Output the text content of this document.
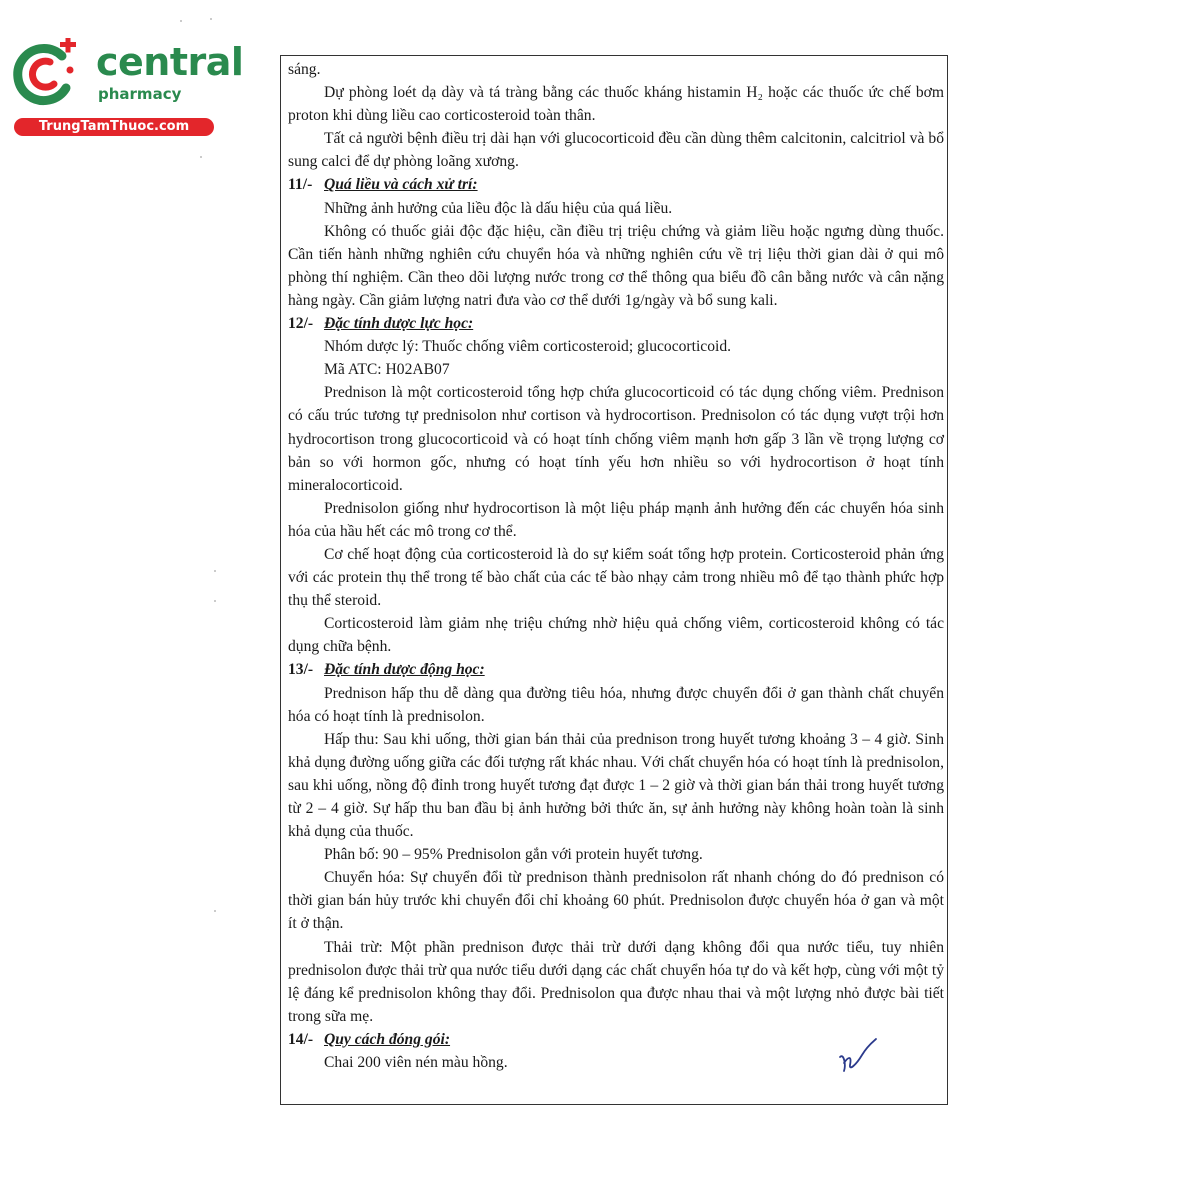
central
pharmacy
TrungTamThuoc.com

sáng.

Dự phòng loét dạ dày và tá tràng bằng các thuốc kháng histamin H₂ hoặc các thuốc ức chế bơm proton khi dùng liều cao corticosteroid toàn thân.

Tất cả người bệnh điều trị dài hạn với glucocorticoid đều cần dùng thêm calcitonin, calcitriol và bổ sung calci để dự phòng loãng xương.

11/- Quá liều và cách xử trí:

Những ảnh hưởng của liều độc là dấu hiệu của quá liều.

Không có thuốc giải độc đặc hiệu, cần điều trị triệu chứng và giảm liều hoặc ngưng dùng thuốc. Cần tiến hành những nghiên cứu chuyển hóa và những nghiên cứu về trị liệu thời gian dài ở qui mô phòng thí nghiệm. Cần theo dõi lượng nước trong cơ thể thông qua biểu đồ cân bằng nước và cân nặng hàng ngày. Cần giảm lượng natri đưa vào cơ thể dưới 1g/ngày và bổ sung kali.

12/- Đặc tính dược lực học:

Nhóm dược lý: Thuốc chống viêm corticosteroid; glucocorticoid.

Mã ATC: H02AB07

Prednison là một corticosteroid tổng hợp chứa glucocorticoid có tác dụng chống viêm. Prednison có cấu trúc tương tự prednisolon như cortison và hydrocortison. Prednisolon có tác dụng vượt trội hơn hydrocortison trong glucocorticoid và có hoạt tính chống viêm mạnh hơn gấp 3 lần về trọng lượng cơ bản so với hormon gốc, nhưng có hoạt tính yếu hơn nhiều so với hydrocortison ở hoạt tính mineralocorticoid.

Prednisolon giống như hydrocortison là một liệu pháp mạnh ảnh hưởng đến các chuyển hóa sinh hóa của hầu hết các mô trong cơ thể.

Cơ chế hoạt động của corticosteroid là do sự kiểm soát tổng hợp protein. Corticosteroid phản ứng với các protein thụ thể trong tế bào chất của các tế bào nhạy cảm trong nhiều mô để tạo thành phức hợp thụ thể steroid.

Corticosteroid làm giảm nhẹ triệu chứng nhờ hiệu quả chống viêm, corticosteroid không có tác dụng chữa bệnh.

13/- Đặc tính dược động học:

Prednison hấp thu dễ dàng qua đường tiêu hóa, nhưng được chuyển đổi ở gan thành chất chuyển hóa có hoạt tính là prednisolon.

Hấp thu: Sau khi uống, thời gian bán thải của prednison trong huyết tương khoảng 3 – 4 giờ. Sinh khả dụng đường uống giữa các đối tượng rất khác nhau. Với chất chuyển hóa có hoạt tính là prednisolon, sau khi uống, nồng độ đỉnh trong huyết tương đạt được 1 – 2 giờ và thời gian bán thải trong huyết tương từ 2 – 4 giờ. Sự hấp thu ban đầu bị ảnh hưởng bởi thức ăn, sự ảnh hưởng này không hoàn toàn là sinh khả dụng của thuốc.

Phân bố: 90 – 95% Prednisolon gắn với protein huyết tương.

Chuyển hóa: Sự chuyển đổi từ prednison thành prednisolon rất nhanh chóng do đó prednison có thời gian bán hủy trước khi chuyển đổi chỉ khoảng 60 phút. Prednisolon được chuyển hóa ở gan và một ít ở thận.

Thải trừ: Một phần prednison được thải trừ dưới dạng không đổi qua nước tiểu, tuy nhiên prednisolon được thải trừ qua nước tiểu dưới dạng các chất chuyển hóa tự do và kết hợp, cùng với một tỷ lệ đáng kể prednisolon không thay đổi. Prednisolon qua được nhau thai và một lượng nhỏ được bài tiết trong sữa mẹ.

14/- Quy cách đóng gói:

Chai 200 viên nén màu hồng.
